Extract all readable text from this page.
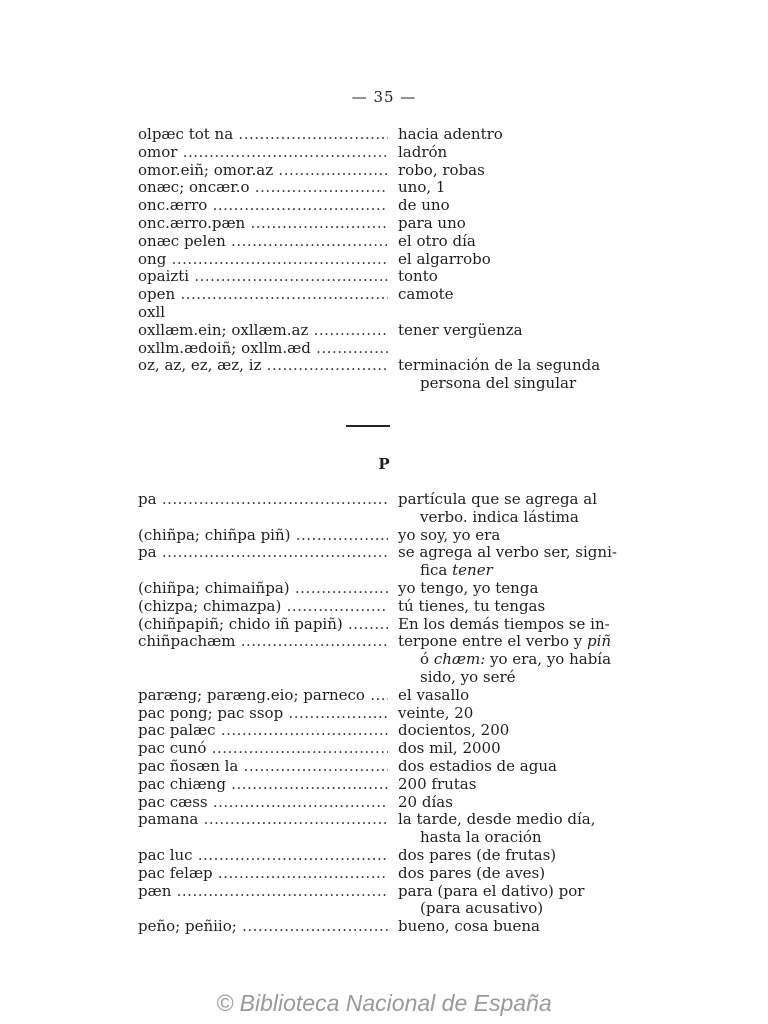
— 35 —
olpæc tot na .....	hacia adentro
omor .....	ladrón
omor.eiñ; omor.az .....	robo, robas
onæc; oncær.o .....	uno, 1
onc.ærro .....	de uno
onc.ærro.pæn .....	para uno
onæc pelen .....	el otro día
ong .....	el algarrobo
opaizti .....	tonto
open .....	camote
oxll
oxllæm.ein; oxllæm.az .....	tener vergüenza
oxllm.ædoiñ; oxllm.æd .....
oz, az, ez, æz, iz .....	terminación de la segunda
persona del singular
P
pa .....	partícula que se agrega al
verbo. indica lástima
(chiñpa; chiñpa piñ) .....	yo soy, yo era
pa .....	se agrega al verbo ser, signi-
fica tener
(chiñpa; chimaiñpa) .....	yo tengo, yo tenga
(chizpa; chimazpa) .....	tú tienes, tu tengas
(chiñpapiñ; chido iñ papiñ) .....	En los demás tiempos se in-
chiñpachæm .....	terpone entre el verbo y piñ
ó chæm: yo era, yo había
sido, yo seré
paræng; paræng.eio; parneco .....	el vasallo
pac pong; pac ssop .....	veinte, 20
pac palæc .....	docientos, 200
pac cunó .....	dos mil, 2000
pac ñosæn la .....	dos estadios de agua
pac chiæng .....	200 frutas
pac cæss .....	20 días
pamana .....	la tarde, desde medio día,
hasta la oración
pac luc .....	dos pares (de frutas)
pac felæp .....	dos pares (de aves)
pæn .....	para (para el dativo) por
(para acusativo)
peño; peñiio; .....	bueno, cosa buena
© Biblioteca Nacional de España
